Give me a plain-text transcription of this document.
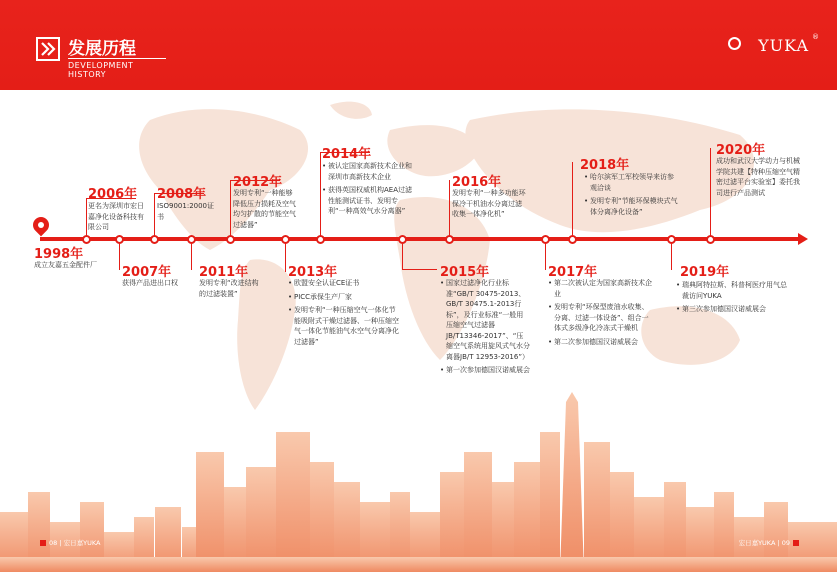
发展历程
DEVELOPMENT HISTORY
YUKA ®
1998年
成立友嘉五金配件厂
2006年
更名为深圳市宏日嘉净化设备科技有限公司
2007年
获得产品进出口权
2008年
ISO9001:2000证书
2011年
发明专利“改进结构的过滤装置”
2012年
发明专利“一种能够降低压力损耗及空气均匀扩散的节能空气过滤器”
2013年

• 欧盟安全认证CE证书

• PICC承保生产厂家

• 发明专利“一种压缩空气一体化节能吸附式干燥过滤器、一种压缩空气一体化节能油气水空气分离净化 过滤器”

2014年

• 被认定国家高新技术企业和深圳市高新技术企业

• 获得英国权威机构AEA过滤性能测试证书、发明专利“一种高效气水分离器”

2015年

• 国家过滤净化行业标准“GB/T 30475-2013、GB/T 30475.1-2013行标”，及行业标准“一般用压缩空气过滤器JB/T13346-2017”、“压缩空气系统用旋风式气水分离器JB/T 12953-2016”）

• 第一次参加德国汉诺威展会

2016年
发明专利“一种多功能环保冷干机油水分离过滤收集一体净化机”
2017年

• 第二次被认定为国家高新技术企业

• 发明专利“环保型废油水收集、分离、过滤一体设备”、组合一体式多级净化冷冻式干燥机

• 第二次参加德国汉诺威展会

2018年

• 哈尔滨军工军校领导来访参观洽谈

• 发明专利“节能环保模块式气体分离净化设备”

2019年

• 瑞典阿特拉斯、科普柯医疗用气总裁访问YUKA

• 第三次参加德国汉诺威展会

2020年
成功和武汉大学动力与机械学院共建【特种压缩空气精密过滤平台实验室】委托我司进行产品测试
08 | 宏日嘉YUKA	宏日嘉YUKA | 09
